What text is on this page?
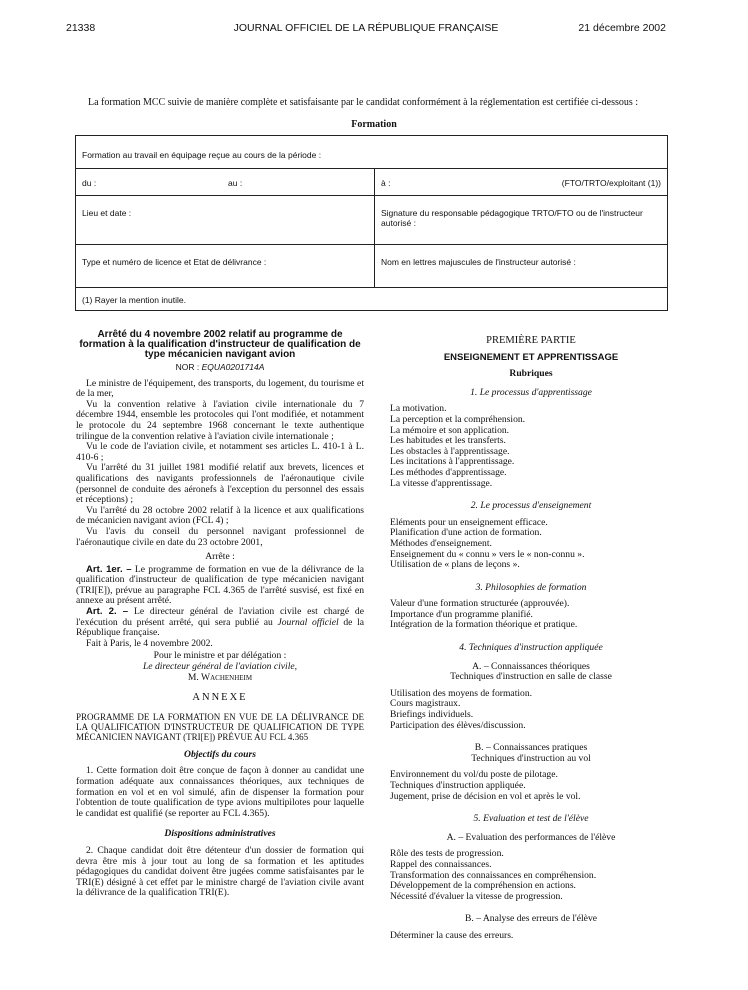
21338	JOURNAL OFFICIEL DE LA RÉPUBLIQUE FRANÇAISE	21 décembre 2002
La formation MCC suivie de manière complète et satisfaisante par le candidat conformément à la réglementation est certifiée ci-dessous :
Formation
Formation au travail en équipage reçue au cours de la période :
du :	au :	à :	(FTO/TRTO/exploitant (1))
Lieu et date :	Signature du responsable pédagogique TRTO/FTO ou de l'instructeur autorisé :
Type et numéro de licence et Etat de délivrance :	Nom en lettres majuscules de l'instructeur autorisé :
(1) Rayer la mention inutile.

Arrêté du 4 novembre 2002 relatif au programme de formation à la qualification d'instructeur de qualification de type mécanicien navigant avion

NOR : EQUA0201714A

Le ministre de l'équipement, des transports, du logement, du tourisme et de la mer,

Vu la convention relative à l'aviation civile internationale du 7 décembre 1944, ensemble les protocoles qui l'ont modifiée, et notamment le protocole du 24 septembre 1968 concernant le texte authentique trilingue de la convention relative à l'aviation civile internationale ;

Vu le code de l'aviation civile, et notamment ses articles L. 410-1 à L. 410-6 ;

Vu l'arrêté du 31 juillet 1981 modifié relatif aux brevets, licences et qualifications des navigants professionnels de l'aéronautique civile (personnel de conduite des aéronefs à l'exception du personnel des essais et réceptions) ;

Vu l'arrêté du 28 octobre 2002 relatif à la licence et aux qualifications de mécanicien navigant avion (FCL 4) ;

Vu l'avis du conseil du personnel navigant professionnel de l'aéronautique civile en date du 23 octobre 2001,

Arrête :

Art. 1er. – Le programme de formation en vue de la délivrance de la qualification d'instructeur de qualification de type mécanicien navigant (TRI[E]), prévue au paragraphe FCL 4.365 de l'arrêté susvisé, est fixé en annexe au présent arrêté.

Art. 2. – Le directeur général de l'aviation civile est chargé de l'exécution du présent arrêté, qui sera publié au Journal officiel de la République française.

Fait à Paris, le 4 novembre 2002.

Pour le ministre et par délégation :

Le directeur général de l'aviation civile,

M. Wachenheim

ANNEXE

PROGRAMME DE LA FORMATION EN VUE DE LA DÉLIVRANCE DE LA QUALIFICATION D'INSTRUCTEUR DE QUALIFICATION DE TYPE MÉCANICIEN NAVIGANT (TRI[E]) PRÉVUE AU FCL 4.365

Objectifs du cours

1. Cette formation doit être conçue de façon à donner au candidat une formation adéquate aux connaissances théoriques, aux techniques de formation en vol et en vol simulé, afin de dispenser la formation pour l'obtention de toute qualification de type avions multipilotes pour laquelle le candidat est qualifié (se reporter au FCL 4.365).

Dispositions administratives

2. Chaque candidat doit être détenteur d'un dossier de formation qui devra être mis à jour tout au long de sa formation et les aptitudes pédagogiques du candidat doivent être jugées comme satisfaisantes par le TRI(E) désigné à cet effet par le ministre chargé de l'aviation civile avant la délivrance de la qualification TRI(E).

PREMIÈRE PARTIE

ENSEIGNEMENT ET APPRENTISSAGE

Rubriques

1. Le processus d'apprentissage

La motivation.

La perception et la compréhension.

La mémoire et son application.

Les habitudes et les transferts.

Les obstacles à l'apprentissage.

Les incitations à l'apprentissage.

Les méthodes d'apprentissage.

La vitesse d'apprentissage.

2. Le processus d'enseignement

Eléments pour un enseignement efficace.

Planification d'une action de formation.

Méthodes d'enseignement.

Enseignement du « connu » vers le « non-connu ».

Utilisation de « plans de leçons ».

3. Philosophies de formation

Valeur d'une formation structurée (approuvée).

Importance d'un programme planifié.

Intégration de la formation théorique et pratique.

4. Techniques d'instruction appliquée

A. – Connaissances théoriques

Techniques d'instruction en salle de classe

Utilisation des moyens de formation.

Cours magistraux.

Briefings individuels.

Participation des élèves/discussion.

B. – Connaissances pratiques

Techniques d'instruction au vol

Environnement du vol/du poste de pilotage.

Techniques d'instruction appliquée.

Jugement, prise de décision en vol et après le vol.

5. Evaluation et test de l'élève

A. – Evaluation des performances de l'élève

Rôle des tests de progression.

Rappel des connaissances.

Transformation des connaissances en compréhension.

Développement de la compréhension en actions.

Nécessité d'évaluer la vitesse de progression.

B. – Analyse des erreurs de l'élève

Déterminer la cause des erreurs.
